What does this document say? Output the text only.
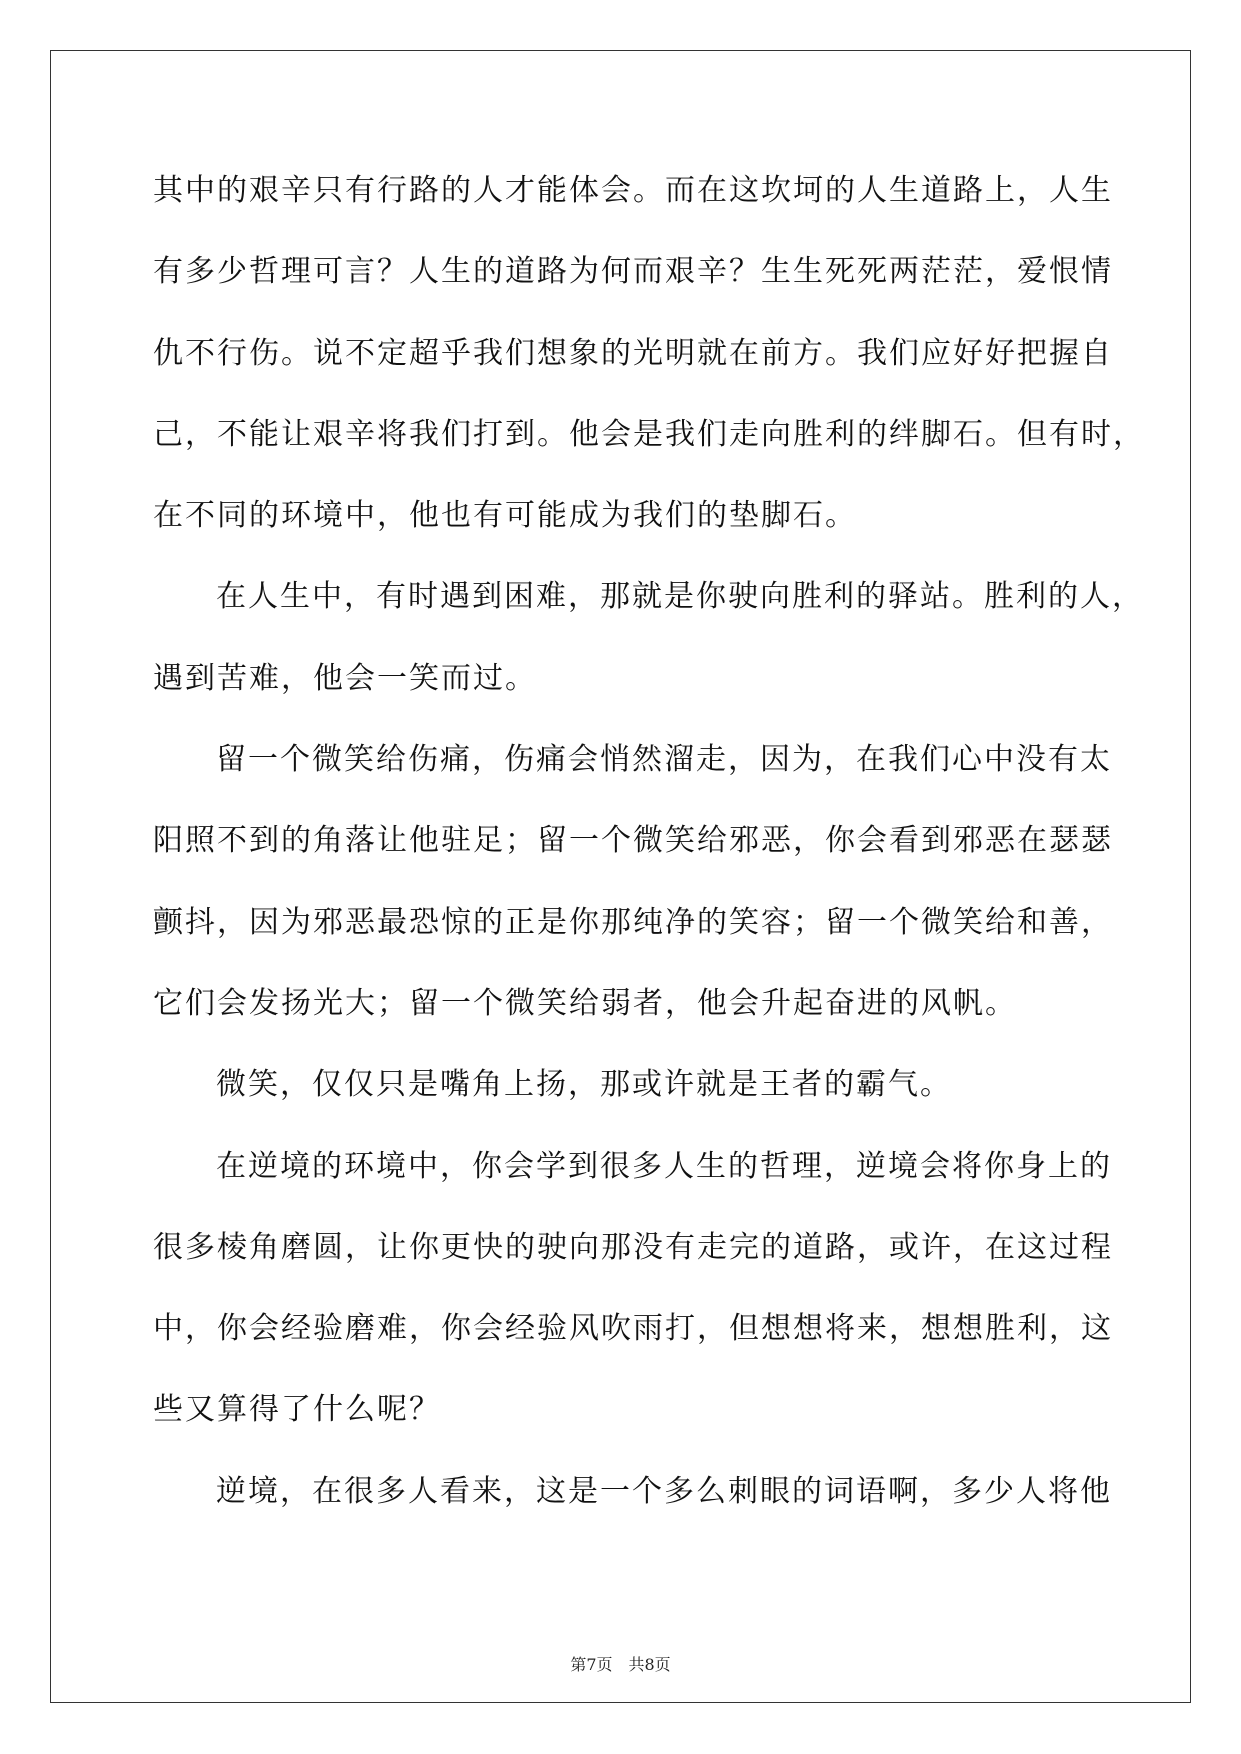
其中的艰辛只有行路的人才能体会。而在这坎坷的人生道路上，人生
有多少哲理可言？人生的道路为何而艰辛？生生死死两茫茫，爱恨情
仇不行伤。说不定超乎我们想象的光明就在前方。我们应好好把握自
己，不能让艰辛将我们打到。他会是我们走向胜利的绊脚石。但有时，
在不同的环境中，他也有可能成为我们的垫脚石。
在人生中，有时遇到困难，那就是你驶向胜利的驿站。胜利的人，
遇到苦难，他会一笑而过。
留一个微笑给伤痛，伤痛会悄然溜走，因为，在我们心中没有太
阳照不到的角落让他驻足；留一个微笑给邪恶，你会看到邪恶在瑟瑟
颤抖，因为邪恶最恐惊的正是你那纯净的笑容；留一个微笑给和善，
它们会发扬光大；留一个微笑给弱者，他会升起奋进的风帆。
微笑，仅仅只是嘴角上扬，那或许就是王者的霸气。
在逆境的环境中，你会学到很多人生的哲理，逆境会将你身上的
很多棱角磨圆，让你更快的驶向那没有走完的道路，或许，在这过程
中，你会经验磨难，你会经验风吹雨打，但想想将来，想想胜利，这
些又算得了什么呢？
逆境，在很多人看来，这是一个多么刺眼的词语啊，多少人将他
第7页 共8页
